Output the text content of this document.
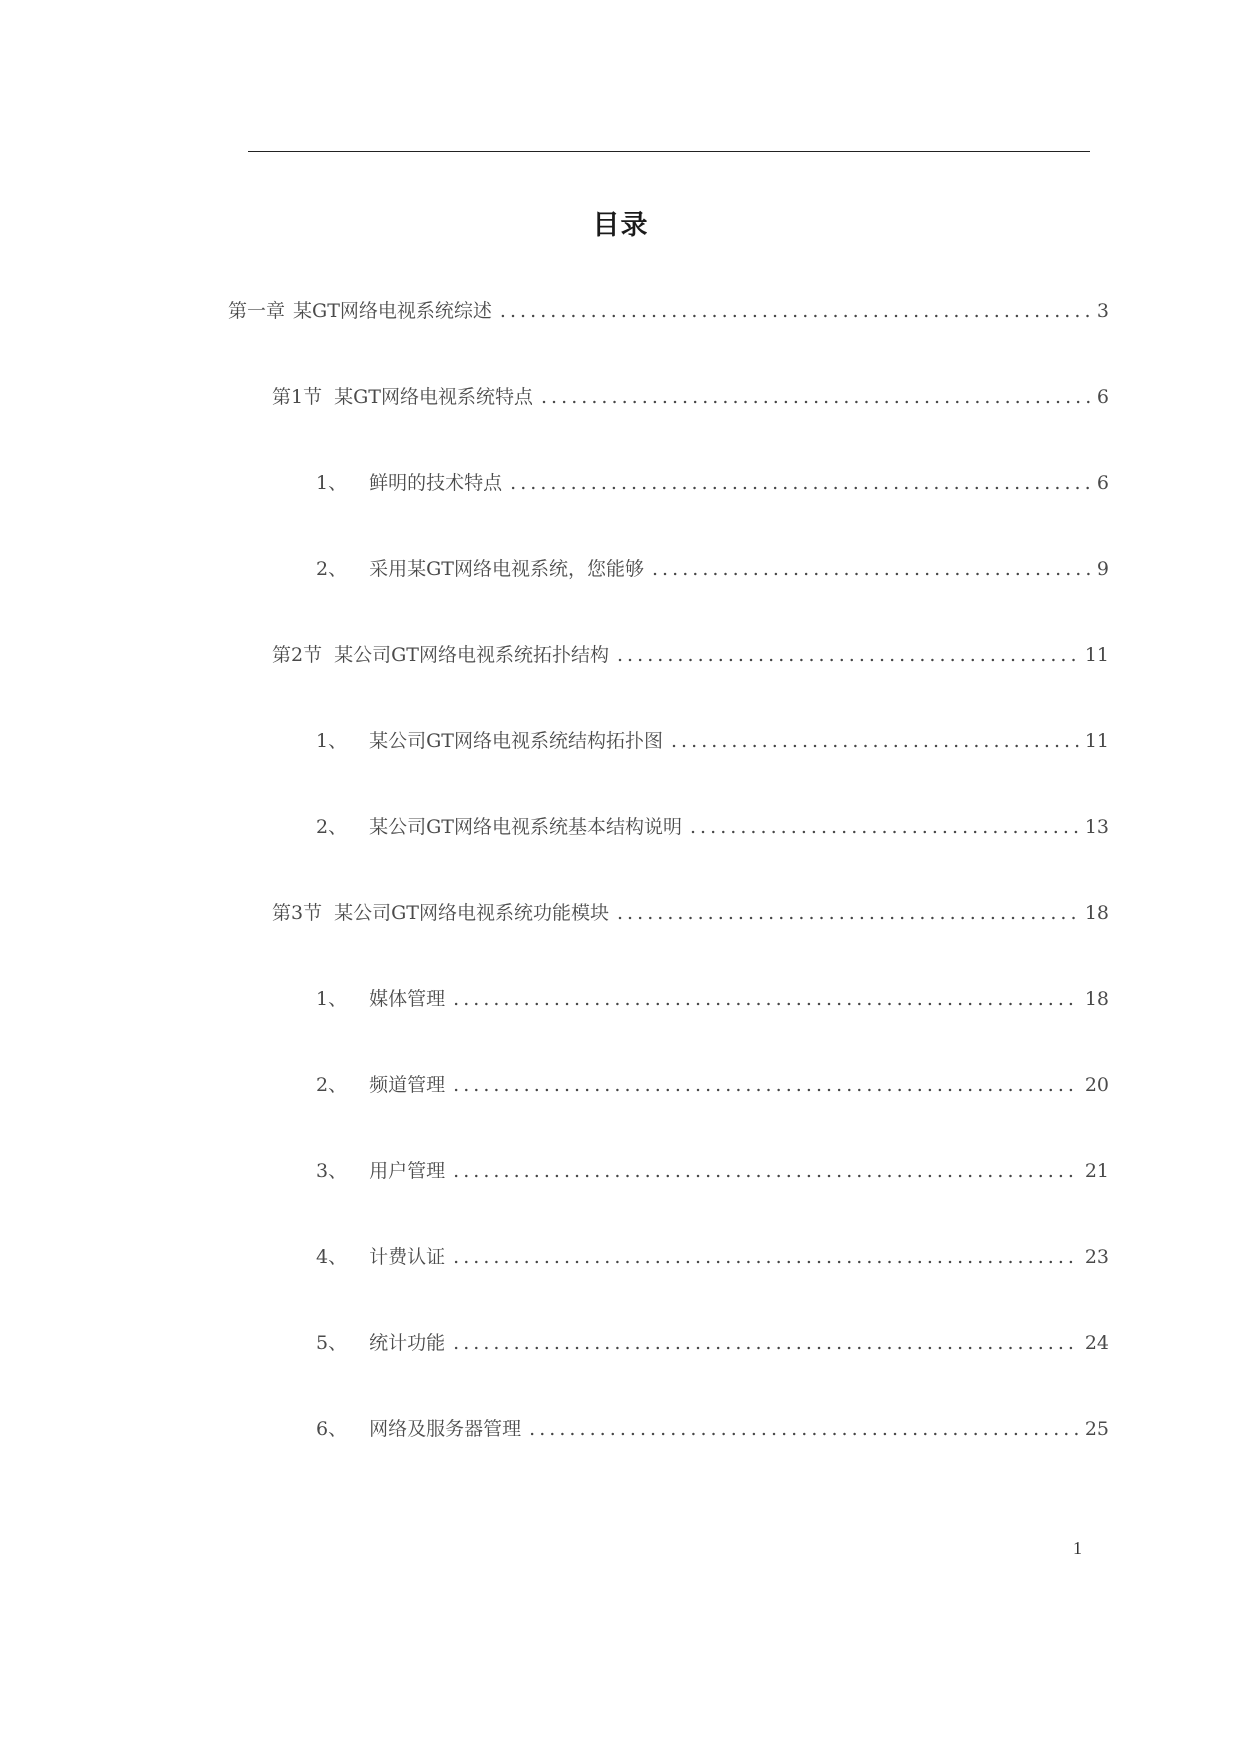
目录
第一章 某GT网络电视系统综述 . . .	3
第1节 某GT网络电视系统特点 . . .	6
1、 鲜明的技术特点 . . .	6
2、 采用某GT网络电视系统，您能够 . . .	9
第2节 某公司GT网络电视系统拓扑结构 . . .	11
1、 某公司GT网络电视系统结构拓扑图 . . .	11
2、 某公司GT网络电视系统基本结构说明 . . .	13
第3节 某公司GT网络电视系统功能模块 . . .	18
1、 媒体管理 . . .	18
2、 频道管理 . . .	20
3、 用户管理 . . .	21
4、 计费认证 . . .	23
5、 统计功能 . . .	24
6、 网络及服务器管理 . . .	25
1
